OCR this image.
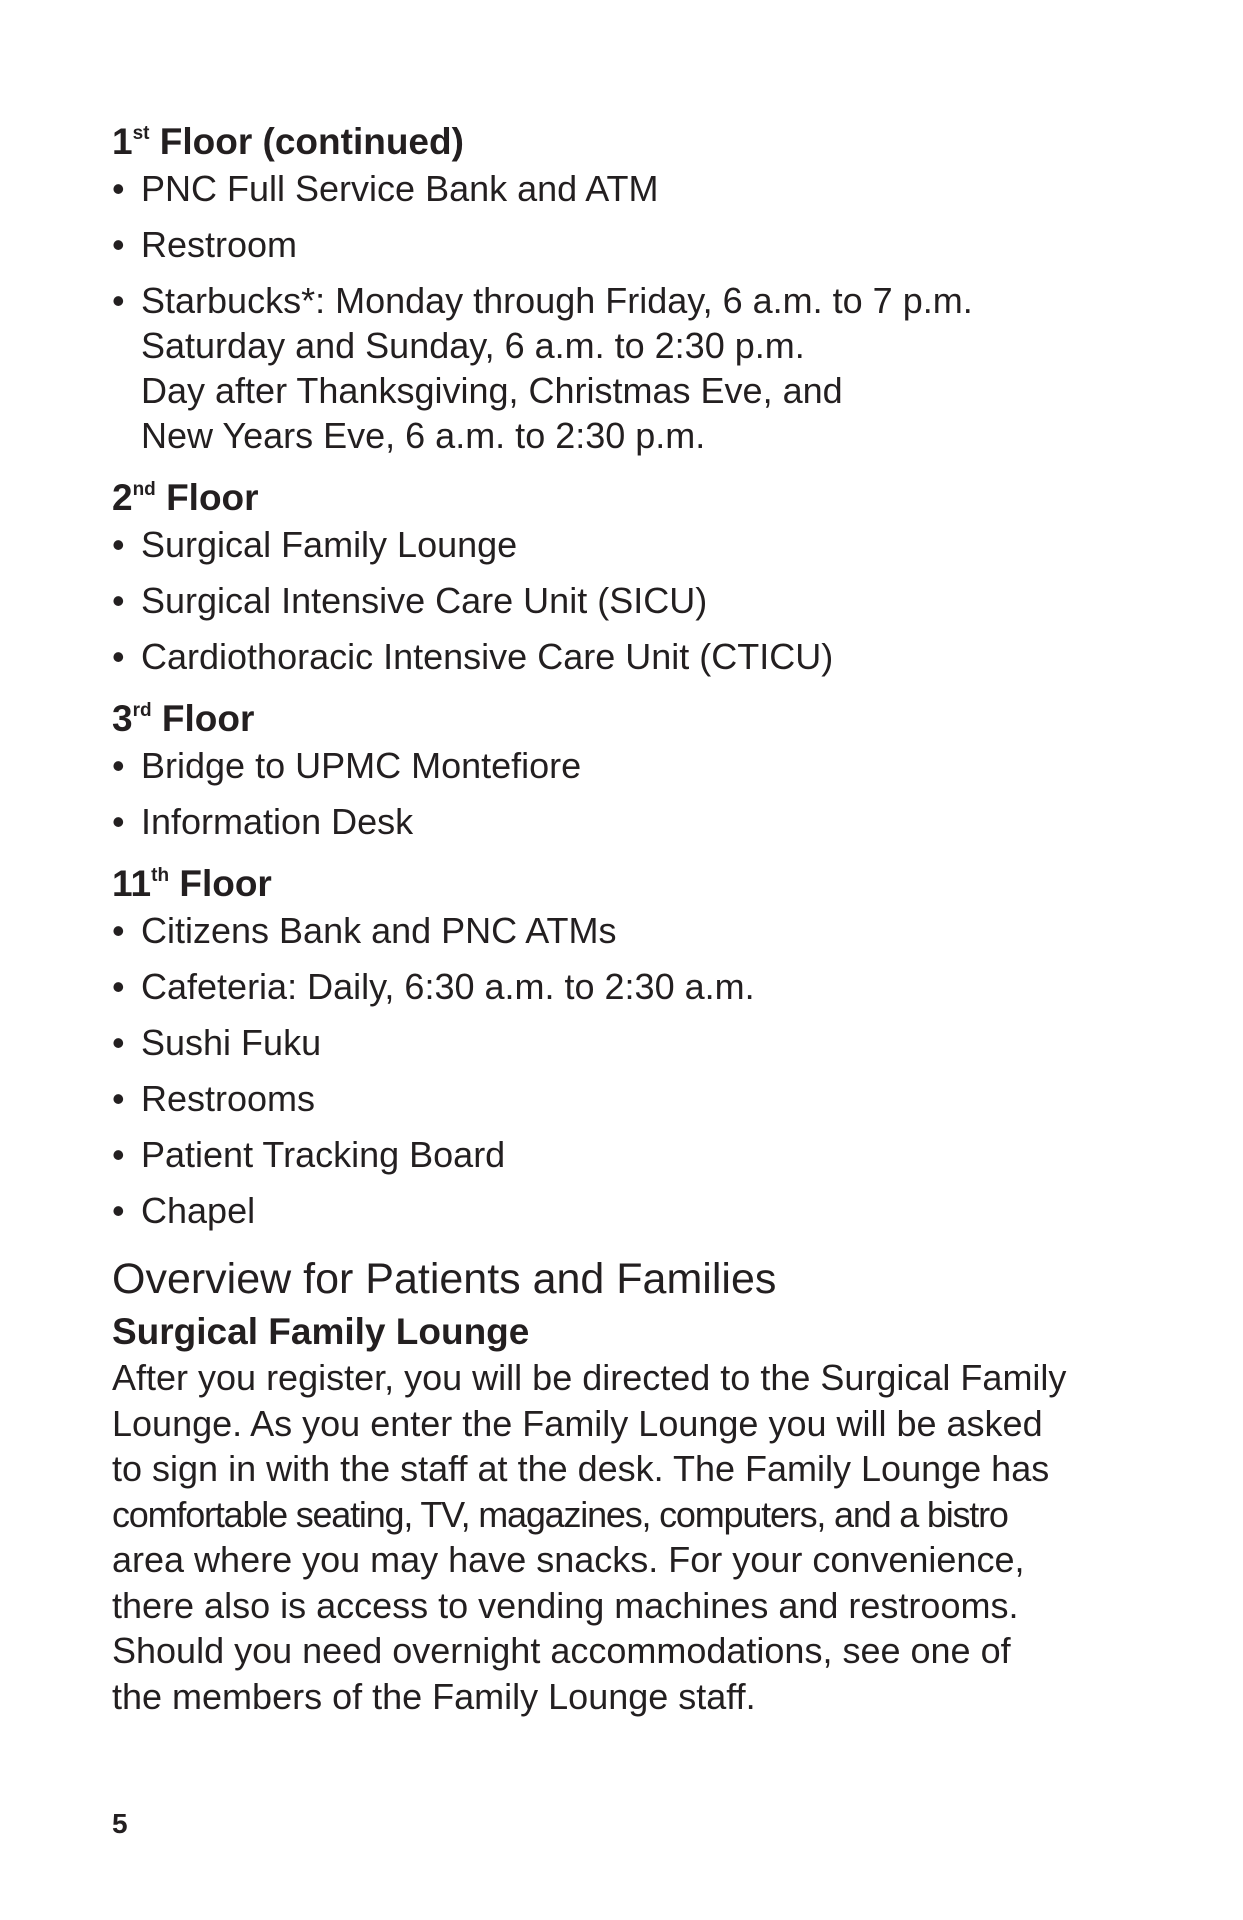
1st Floor (continued)
• PNC Full Service Bank and ATM
• Restroom
• Starbucks*: Monday through Friday, 6 a.m. to 7 p.m.
Saturday and Sunday, 6 a.m. to 2:30 p.m.
Day after Thanksgiving, Christmas Eve, and
New Years Eve, 6 a.m. to 2:30 p.m.
2nd Floor
• Surgical Family Lounge
• Surgical Intensive Care Unit (SICU)
• Cardiothoracic Intensive Care Unit (CTICU)
3rd Floor
• Bridge to UPMC Montefiore
• Information Desk
11th Floor
• Citizens Bank and PNC ATMs
• Cafeteria: Daily, 6:30 a.m. to 2:30 a.m.
• Sushi Fuku
• Restrooms
• Patient Tracking Board
• Chapel
Overview for Patients and Families
Surgical Family Lounge
After you register, you will be directed to the Surgical Family
Lounge. As you enter the Family Lounge you will be asked
to sign in with the staff at the desk. The Family Lounge has
comfortable seating, TV, magazines, computers, and a bistro
area where you may have snacks. For your convenience,
there also is access to vending machines and restrooms.
Should you need overnight accommodations, see one of
the members of the Family Lounge staff.
5
